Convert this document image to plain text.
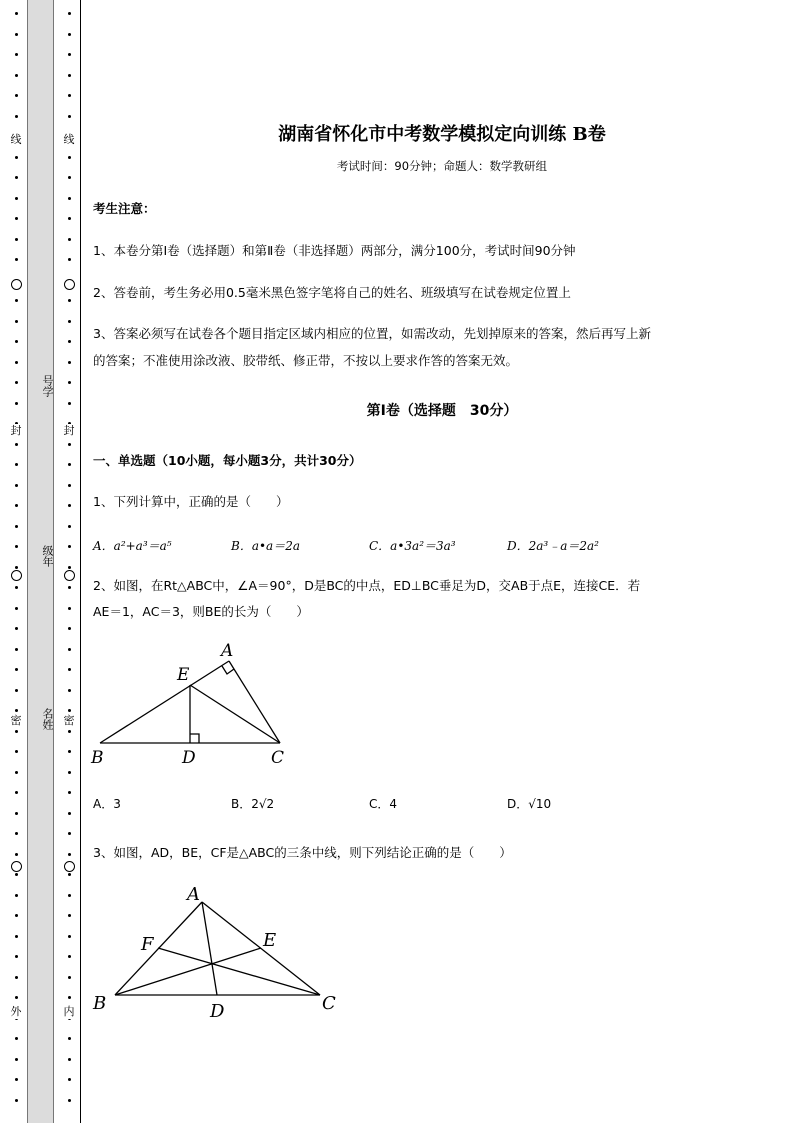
线
封
密
外
线
封
密
内
号学
级年
名姓
湖南省怀化市中考数学模拟定向训练 B卷
考试时间：90分钟；命题人：数学教研组
考生注意：
1、本卷分第Ⅰ卷（选择题）和第Ⅱ卷（非选择题）两部分，满分100分，考试时间90分钟
2、答卷前，考生务必用0.5毫米黑色签字笔将自己的姓名、班级填写在试卷规定位置上
3、答案必须写在试卷各个题目指定区域内相应的位置，如需改动，先划掉原来的答案，然后再写上新
的答案；不准使用涂改液、胶带纸、修正带，不按以上要求作答的答案无效。
第Ⅰ卷（选择题　30分）
一、单选题（10小题，每小题3分，共计30分）
1、下列计算中，正确的是（　　）
A．a²+a³＝a⁵	B．a•a＝2a	C．a•3a²＝3a³	D．2a³﹣a＝2a²
2、如图，在Rt△ABC中，∠A＝90°，D是BC的中点，ED⊥BC垂足为D，交AB于点E，连接CE．若
AE＝1，AC＝3，则BE的长为（　　）
A
E
B	D	C
A．3	B．2√2	C．4	D．√10
3、如图，AD，BE，CF是△ABC的三条中线，则下列结论正确的是（　　）
A
F	E
B	D	C
